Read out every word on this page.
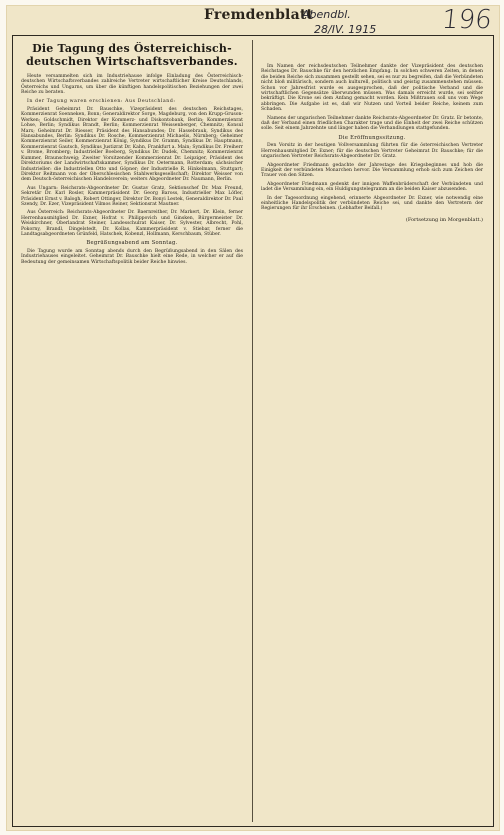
Fremdenblatt
Abendbl.
28/IV. 1915 196
Die Tagung des Österreichisch-deutschen Wirtschaftsverbandes.

Heute versammelten sich im Industriehause infolge Einladung des Österreichisch-deutschen Wirtschaftsverbandes zahlreiche Vertreter wirtschaftlicher Kreise Deutschlands, Österreichs und Ungarns, um über die künftigen handelspolitischen Beziehungen der zwei Reiche zu beraten.

In der Tagung waren erschienen: Aus Deutschland:

Präsident Geheimrat Dr. Bauschke, Vizepräsident des deutschen Reichstages, Kommerzienrat Soenneken, Bonn; Generaldirektor Sorge, Magdeburg, von den Krupp-Gruson-Werken; Goldschmidt, Direktor der Kommerz- und Diskontobank, Berlin; Kommerzienrat Lohse, Berlin; Syndikus Brandt, Berlin; Kommerzienrat Weissenberger, Chemnitz; Konsul Marx; Geheimrat Dr. Riesser, Präsident des Hansabundes; Dr. Hassebrauk, Syndikus des Hansabundes, Berlin: Syndikus Dr. Rosche, Kommerzienrat Michaelis, Nürnberg; Geheimer Kommerzienrat Seiler, Kommerzienrat König, Syndikus Dr. Gramm, Syndikus Dr. Hauptmann, Kommerzienrat Gautsch, Syndikus Justizrat Dr. Kahn, Frankfurt a. Main; Syndikus Dr. Freiherr v. Brome, Bromberg; Industrieller Boeberg, Syndikus Dr. Dudek, Chemnitz; Kommerzienrat Kummer, Braunschweig; Zweiter Vorsitzender Kommerzienrat Dr. Leipziger, Präsident des Direktoriums der Landwirtschaftskammer, Syndikus Dr. Oetermann, Rotterdam; sächsischer Industrieller: die Industriellen Otto und Göpner; der Industrielle R. Hinkelmann, Stuttgart; Direktor Reitmann von der Oberschlesischen Stahlwerksgesellschaft; Direktor Weisser von dem Deutsch-österreichischen Handelsverein; weiters Abgeordneter Dr. Naumann, Berlin.

Aus Ungarn: Reichsrats-Abgeordneter Dr. Gustav Gratz, Sektionschef Dr. Max Freund, Sekretär Dr. Karl Rosler, Kammerpräsident Dr. Georg Baross, Industrieller Max Löfler, Präsident Ernst v. Balogh, Robert Ottinger, Direktor Dr. Bonyi Lestek, Generaldirektor Dr. Paul Szendy, Dr. Ezer, Vizepräsident Vilmos Reiner, Sektionsrat Mautner.

Aus Österreich: Reichsrats-Abgeordneter Dr. Baernreither, Dr. Markert, Dr. Klein, ferner Herrenhausmitglied Dr. Exner, Hofrat v. Philippovich und Ginsken, Bürgermeister Dr. Weiskirchner, Oberlandrat Steiner, Landesschulrat Kaiser, Dr. Sylvester, Albrecht, Pohl, Pokorny, Brandl, Dingelstedt, Dr. Kollas, Kammerpräsident v. Stiebar, ferner die Landtagsabgeordneten Grünfeld, Hatschek, Kobenzl, Hollmann, Kerschbaum, Stüber.

Begrüßungsabend am Sonntag.

Die Tagung wurde am Sonntag abends durch den Begrüßungsabend in den Sälen des Industriehauses eingeleitet. Geheimrat Dr. Bauschke hielt eine Rede, in welcher er auf die Bedeutung der gemeinsamen Wirtschaftspolitik beider Reiche hinwies.

Im Namen der reichsdeutschen Teilnehmer dankte der Vizepräsident des deutschen Reichstages Dr. Bauschke für den herzlichen Empfang. In solchen schweren Zeiten, in denen die beiden Reiche sich zusammen gestellt sehen, sei es nur zu begreifen, daß die Verbündeten nicht bloß militärisch, sondern auch kulturell, politisch und geistig zusammenstehen müssen. Schon vor Jahresfrist wurde es ausgesprochen, daß der politische Verband und die wirtschaftlichen Gegensätze überwunden müssen. Was damals erreicht wurde, sei seither bekräftigt. Die Krone sei dem Anfang gemacht worden. Kein Mißtrauen soll uns vom Wege abbringen. Die Aufgabe ist es, daß wir Nutzen und Vorteil beider Reiche, keinem zum Schaden.

Namens der ungarischen Teilnehmer dankte Reichsrats-Abgeordneter Dr. Gratz. Er betonte, daß der Verband einen friedlichen Charakter trage und die Einheit der zwei Reiche schützen solle. Seit einem Jahrzehnte und länger haben die Verhandlungen stattgefunden.

Die Eröffnungssitzung.

Den Vorsitz in der heutigen Vollversammlung führten für die österreichischen Vertreter Herrenhausmitglied Dr. Exner; für die deutschen Vertreter Geheimrat Dr. Bauschke; für die ungarischen Vertreter Reichsrats-Abgeordneter Dr. Gratz.

Abgeordneter Friedmann gedachte der Jahrestage des Kriegsbeginnes und hob die Einigkeit der verbündeten Monarchen hervor. Die Versammlung erhob sich zum Zeichen der Trauer von den Sitzen.

Abgeordneter Friedmann gedenkt der innigen Waffenbrüderschaft der Verbündeten und ladet die Versammlung ein, ein Huldigungstelegramm an die beiden Kaiser abzusenden.

In der Tagesordnung eingehend, erinnerte Abgeordneter Dr. Exner, wie notwendig eine einheitliche Handelspolitik der verbündeten Reiche sei, und dankte den Vertretern der Regierungen für ihr Erscheinen. (Lebhafter Beifall.)

(Fortsetzung im Morgenblatt.)
